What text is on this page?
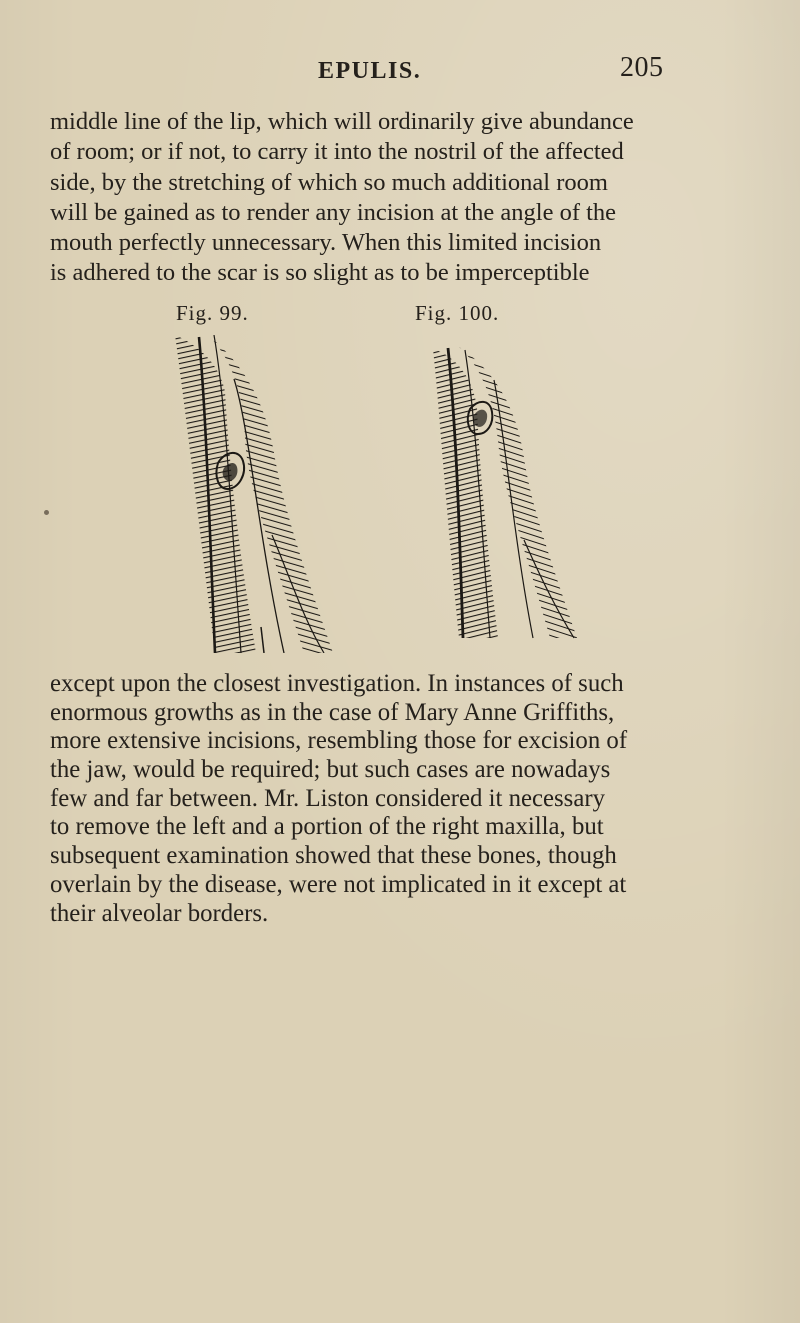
EPULIS.	205
middle line of the lip, which will ordinarily give abundance
of room; or if not, to carry it into the nostril of the affected
side, by the stretching of which so much additional room
will be gained as to render any incision at the angle of the
mouth perfectly unnecessary. When this limited incision
is adhered to the scar is so slight as to be imperceptible
Fig. 99.	Fig. 100.
except upon the closest investigation. In instances of such
enormous growths as in the case of Mary Anne Griffiths,
more extensive incisions, resembling those for excision of
the jaw, would be required; but such cases are nowadays
few and far between. Mr. Liston considered it necessary
to remove the left and a portion of the right maxilla, but
subsequent examination showed that these bones, though
overlain by the disease, were not implicated in it except at
their alveolar borders.
